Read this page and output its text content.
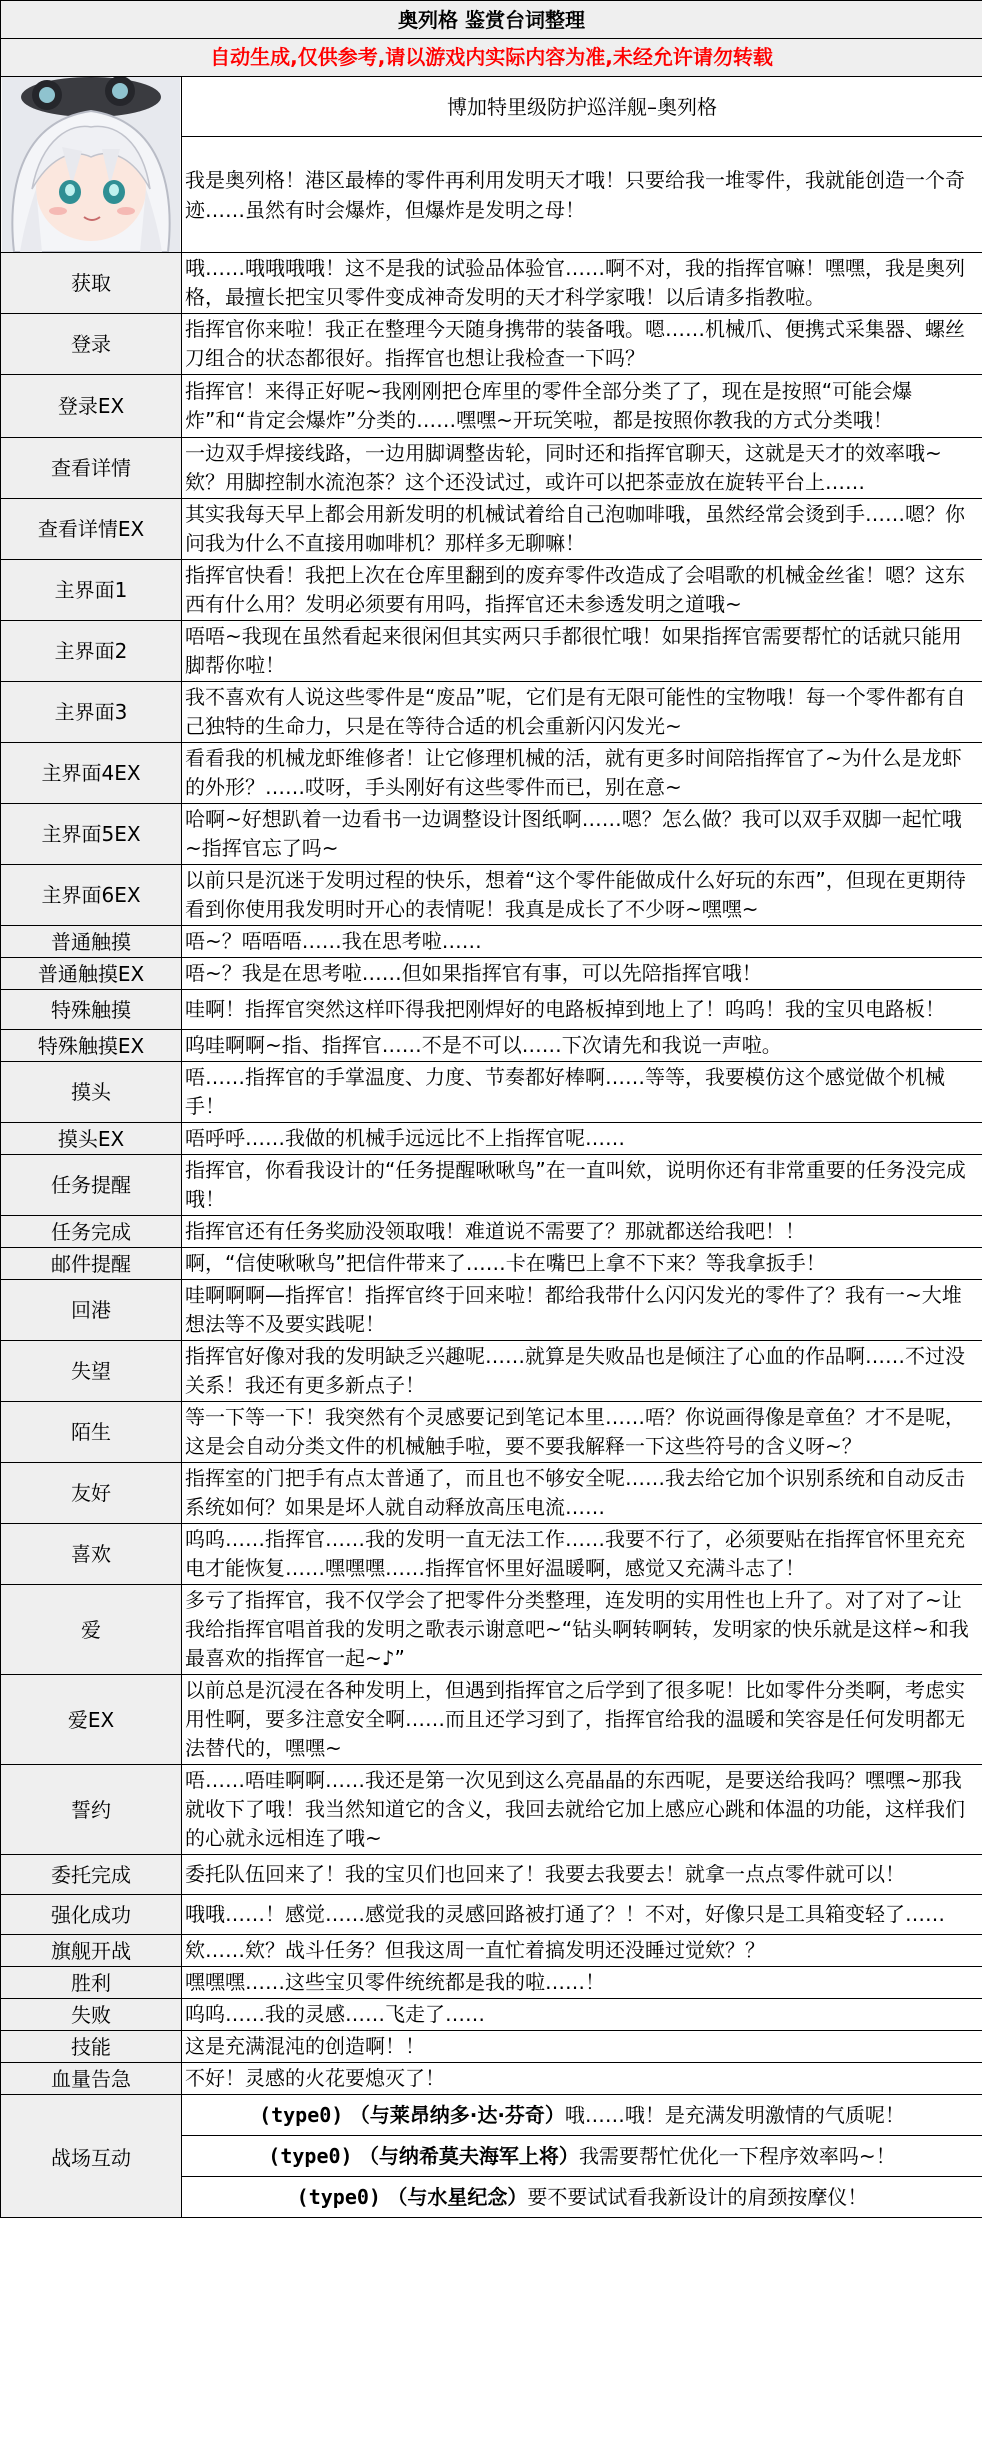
奥列格 鉴赏台词整理	

自动生成,仅供参考,请以游戏内实际内容为准,未经允许请勿转载	

	博加特里级防护巡洋舰–奥列格
	我是奥列格！港区最棒的零件再利用发明天才哦！只要给我一堆零件，我就能创造一个奇迹……虽然有时会爆炸，但爆炸是发明之母！
获取	哦……哦哦哦哦！这不是我的试验品体验官……啊不对，我的指挥官嘛！嘿嘿，我是奥列格，最擅长把宝贝零件变成神奇发明的天才科学家哦！以后请多指教啦。
登录	指挥官你来啦！我正在整理今天随身携带的装备哦。嗯……机械爪、便携式采集器、螺丝刀组合的状态都很好。指挥官也想让我检查一下吗？
登录EX	指挥官！来得正好呢~我刚刚把仓库里的零件全部分类了了，现在是按照“可能会爆炸”和“肯定会爆炸”分类的……嘿嘿~开玩笑啦，都是按照你教我的方式分类哦！
查看详情	一边双手焊接线路，一边用脚调整齿轮，同时还和指挥官聊天，这就是天才的效率哦~欸？用脚控制水流泡茶？这个还没试过，或许可以把茶壶放在旋转平台上……
查看详情EX	其实我每天早上都会用新发明的机械试着给自己泡咖啡哦，虽然经常会烫到手……嗯？你问我为什么不直接用咖啡机？那样多无聊嘛！
主界面1	指挥官快看！我把上次在仓库里翻到的废弃零件改造成了会唱歌的机械金丝雀！嗯？这东西有什么用？发明必须要有用吗，指挥官还未参透发明之道哦~
主界面2	唔唔~我现在虽然看起来很闲但其实两只手都很忙哦！如果指挥官需要帮忙的话就只能用脚帮你啦！
主界面3	我不喜欢有人说这些零件是“废品”呢，它们是有无限可能性的宝物哦！每一个零件都有自己独特的生命力，只是在等待合适的机会重新闪闪发光~
主界面4EX	看看我的机械龙虾维修者！让它修理机械的活，就有更多时间陪指挥官了~为什么是龙虾的外形？……哎呀，手头刚好有这些零件而已，别在意~
主界面5EX	哈啊~好想趴着一边看书一边调整设计图纸啊……嗯？怎么做？我可以双手双脚一起忙哦~指挥官忘了吗~
主界面6EX	以前只是沉迷于发明过程的快乐，想着“这个零件能做成什么好玩的东西”，但现在更期待看到你使用我发明时开心的表情呢！我真是成长了不少呀~嘿嘿~
普通触摸	唔~？唔唔唔……我在思考啦……
普通触摸EX	唔~？我是在思考啦……但如果指挥官有事，可以先陪指挥官哦！
特殊触摸	哇啊！指挥官突然这样吓得我把刚焊好的电路板掉到地上了！呜呜！我的宝贝电路板！
特殊触摸EX	呜哇啊啊~指、指挥官……不是不可以……下次请先和我说一声啦。
摸头	唔……指挥官的手掌温度、力度、节奏都好棒啊……等等，我要模仿这个感觉做个机械手！
摸头EX	唔呼呼……我做的机械手远远比不上指挥官呢……
任务提醒	指挥官，你看我设计的“任务提醒啾啾鸟”在一直叫欸，说明你还有非常重要的任务没完成哦！
任务完成	指挥官还有任务奖励没领取哦！难道说不需要了？那就都送给我吧！！
邮件提醒	啊，“信使啾啾鸟”把信件带来了……卡在嘴巴上拿不下来？等我拿扳手！
回港	哇啊啊啊—指挥官！指挥官终于回来啦！都给我带什么闪闪发光的零件了？我有一~大堆想法等不及要实践呢！
失望	指挥官好像对我的发明缺乏兴趣呢……就算是失败品也是倾注了心血的作品啊……不过没关系！我还有更多新点子！
陌生	等一下等一下！我突然有个灵感要记到笔记本里……唔？你说画得像是章鱼？才不是呢，这是会自动分类文件的机械触手啦，要不要我解释一下这些符号的含义呀~？
友好	指挥室的门把手有点太普通了，而且也不够安全呢……我去给它加个识别系统和自动反击系统如何？如果是坏人就自动释放高压电流……
喜欢	呜呜……指挥官……我的发明一直无法工作……我要不行了，必须要贴在指挥官怀里充充电才能恢复……嘿嘿嘿……指挥官怀里好温暖啊，感觉又充满斗志了！
爱	多亏了指挥官，我不仅学会了把零件分类整理，连发明的实用性也上升了。对了对了~让我给指挥官唱首我的发明之歌表示谢意吧~“钻头啊转啊转，发明家的快乐就是这样~和我最喜欢的指挥官一起~♪”
爱EX	以前总是沉浸在各种发明上，但遇到指挥官之后学到了很多呢！比如零件分类啊，考虑实用性啊，要多注意安全啊……而且还学习到了，指挥官给我的温暖和笑容是任何发明都无法替代的，嘿嘿~
誓约	唔……唔哇啊啊……我还是第一次见到这么亮晶晶的东西呢，是要送给我吗？嘿嘿~那我就收下了哦！我当然知道它的含义，我回去就给它加上感应心跳和体温的功能，这样我们的心就永远相连了哦~
委托完成	委托队伍回来了！我的宝贝们也回来了！我要去我要去！就拿一点点零件就可以！
强化成功	哦哦……！感觉……感觉我的灵感回路被打通了？！不对，好像只是工具箱变轻了……
旗舰开战	欸……欸？战斗任务？但我这周一直忙着搞发明还没睡过觉欸？？
胜利	嘿嘿嘿……这些宝贝零件统统都是我的啦……！
失败	呜呜……我的灵感……飞走了……
技能	这是充满混沌的创造啊！！
血量告急	不好！灵感的火花要熄灭了！
战场互动	(type0) （与莱昂纳多·达·芬奇）哦……哦！是充满发明激情的气质呢！
(type0) （与纳希莫夫海军上将）我需要帮忙优化一下程序效率吗~！
(type0) （与水星纪念）要不要试试看我新设计的肩颈按摩仪！
